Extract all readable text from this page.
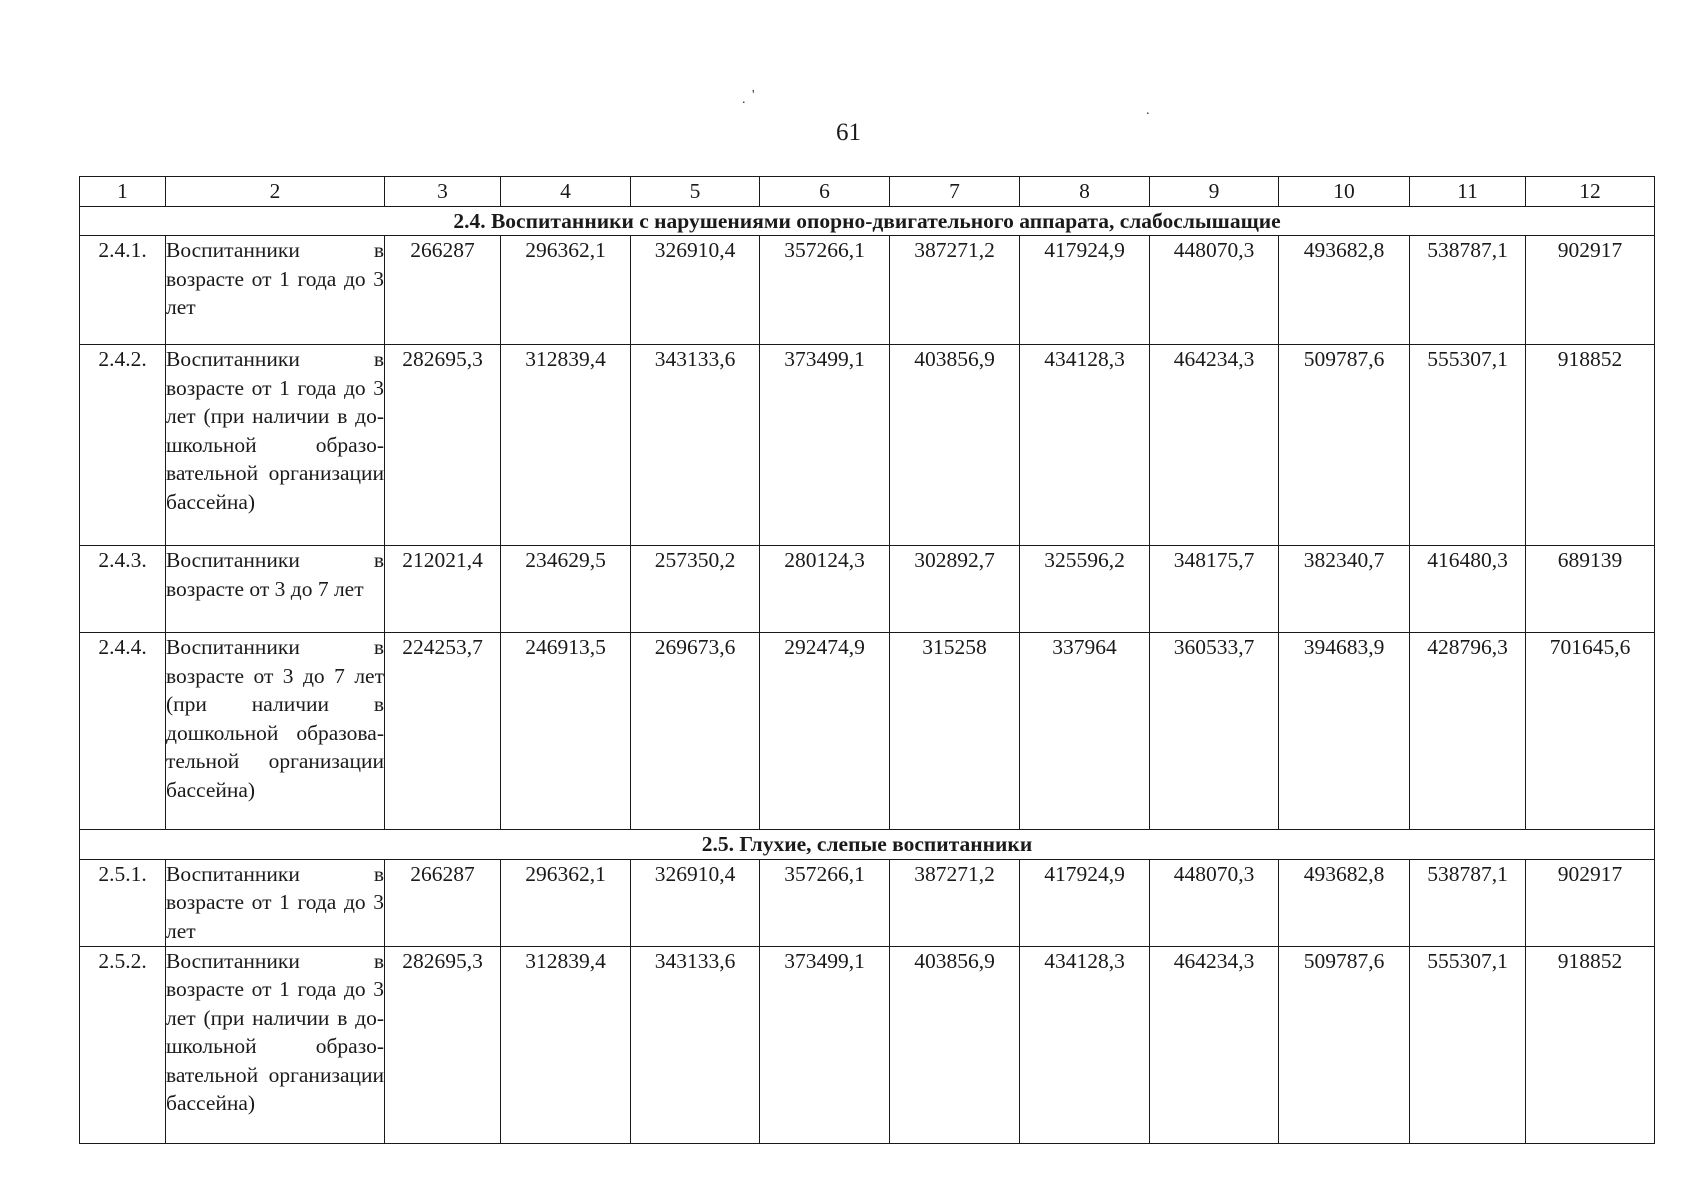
. '
.
61
1	2	3	4	5	6	7	8	9	10	11	12
2.4. Воспитанники с нарушениями опорно-двигательного аппарата, слабослышащие											
2.4.1.	Воспитанники в возрасте от 1 года до 3 лет	266287	296362,1	326910,4	357266,1	387271,2	417924,9	448070,3	493682,8	538787,1	902917
2.4.2.	Воспитанники в возрасте от 1 года до 3 лет (при наличии в дошкольной образовательной организации бассейна)	282695,3	312839,4	343133,6	373499,1	403856,9	434128,3	464234,3	509787,6	555307,1	918852
2.4.3.	Воспитанники в возрасте от 3 до 7 лет	212021,4	234629,5	257350,2	280124,3	302892,7	325596,2	348175,7	382340,7	416480,3	689139
2.4.4.	Воспитанники в возрасте от 3 до 7 лет (при наличии в дошкольной образовательной организации бассейна)	224253,7	246913,5	269673,6	292474,9	315258	337964	360533,7	394683,9	428796,3	701645,6
2.5. Глухие, слепые воспитанники											
2.5.1.	Воспитанники в возрасте от 1 года до 3 лет	266287	296362,1	326910,4	357266,1	387271,2	417924,9	448070,3	493682,8	538787,1	902917
2.5.2.	Воспитанники в возрасте от 1 года до 3 лет (при наличии в дошкольной образовательной организации бассейна)	282695,3	312839,4	343133,6	373499,1	403856,9	434128,3	464234,3	509787,6	555307,1	918852
